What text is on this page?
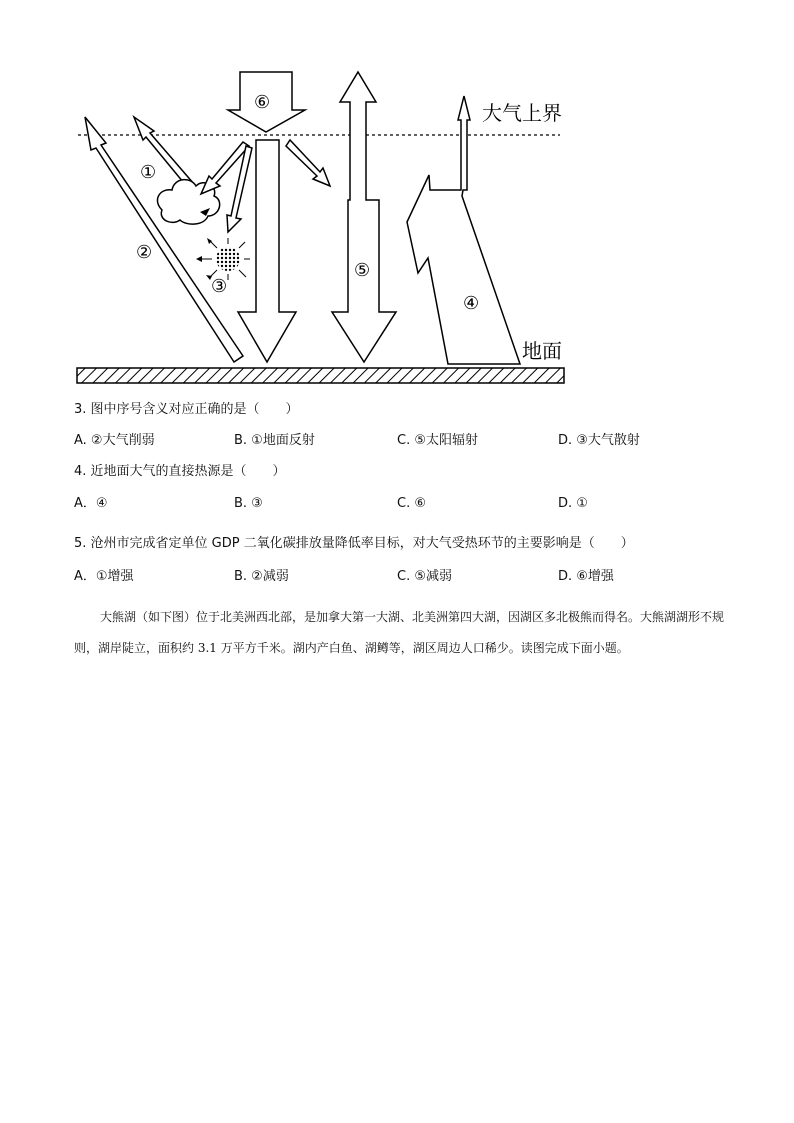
大气上界
地面
⑥
⑤
④
②
①
③
3. 图中序号含义对应正确的是（　　）
A. ②大气削弱	B. ①地面反射	C. ⑤太阳辐射	D. ③大气散射
4. 近地面大气的直接热源是（　　）
A．④	B. ③	C. ⑥	D. ①
5. 沧州市完成省定单位 GDP 二氧化碳排放量降低率目标，对大气受热环节的主要影响是（　　）
A．①增强	B. ②减弱	C. ⑤减弱	D. ⑥增强
大熊湖（如下图）位于北美洲西北部，是加拿大第一大湖、北美洲第四大湖，因湖区多北极熊而得名。大熊湖湖形不规则，湖岸陡立，面积约 3.1 万平方千米。湖内产白鱼、湖鳟等，湖区周边人口稀少。读图完成下面小题。
